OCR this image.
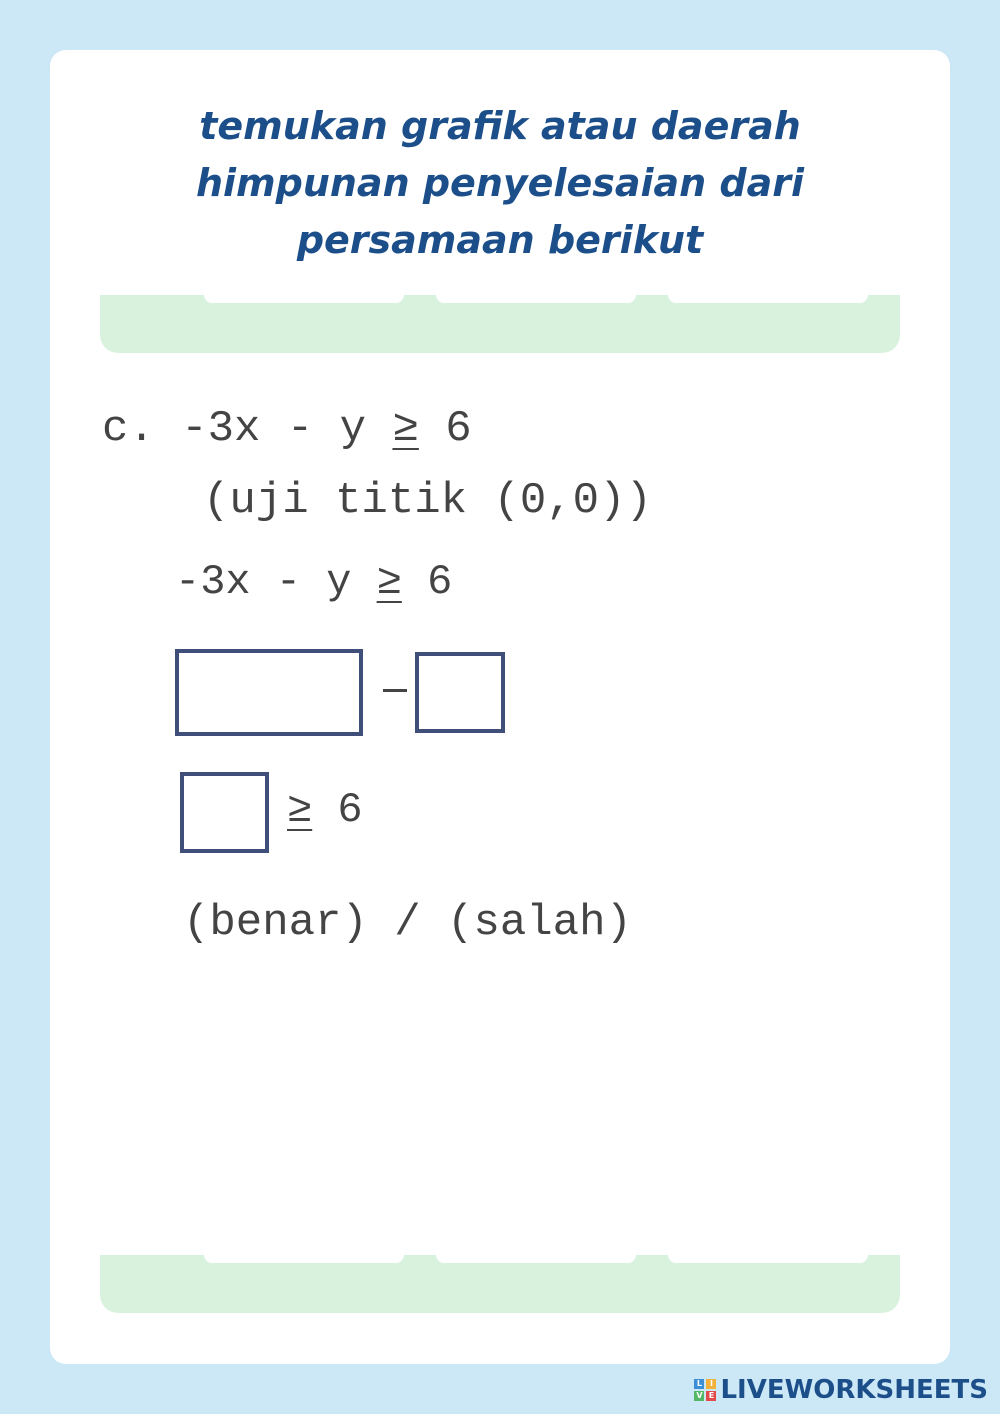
temukan grafik atau daerah
himpunan penyelesaian dari
persamaan berikut

c. -3x - y ≥ 6

(uji titik (0,0))

-3x - y ≥ 6

≥ 6

(benar) / (salah)

L I
V E LIVEWORKSHEETS
